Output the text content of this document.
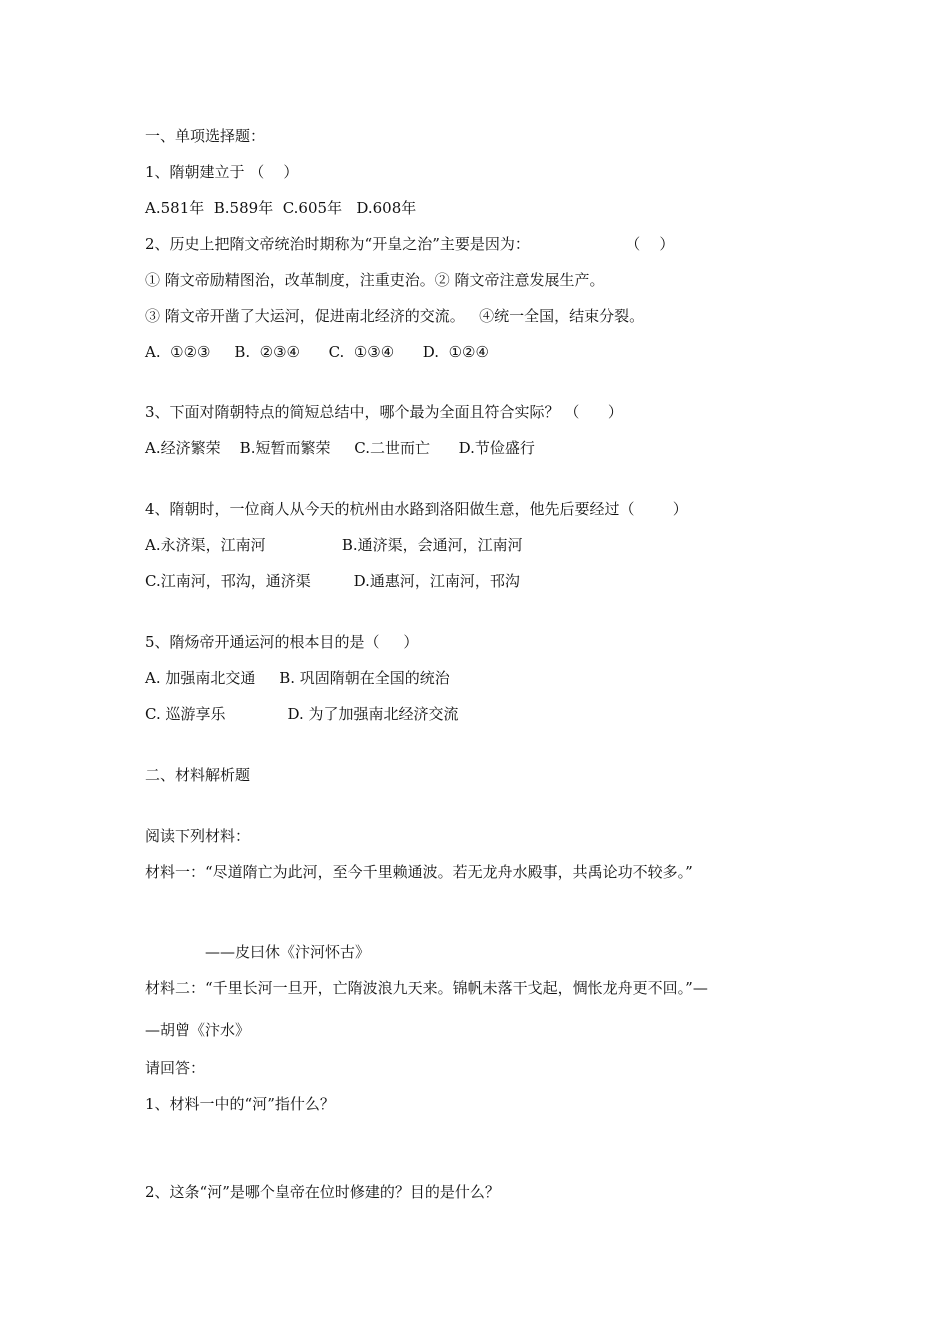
一、单项选择题：
1、隋朝建立于 （    ）
A.581年  B.589年  C.605年   D.608年
2、历史上把隋文帝统治时期称为“开皇之治”主要是因为：                    （    ）
① 隋文帝励精图治，改革制度，注重吏治。② 隋文帝注意发展生产。
③ 隋文帝开凿了大运河，促进南北经济的交流。   ④统一全国，结束分裂。
A.  ①②③     B.  ②③④      C.  ①③④      D.  ①②④
3、下面对隋朝特点的简短总结中，哪个最为全面且符合实际？ （      ）
A.经济繁荣    B.短暂而繁荣     C.二世而亡      D.节俭盛行
4、隋朝时，一位商人从今天的杭州由水路到洛阳做生意，他先后要经过（        ）
A.永济渠，江南河                B.通济渠，会通河，江南河
C.江南河，邗沟，通济渠         D.通惠河，江南河，邗沟
5、隋炀帝开通运河的根本目的是（     ）
A. 加强南北交通     B. 巩固隋朝在全国的统治
C. 巡游享乐             D. 为了加强南北经济交流
二、材料解析题
阅读下列材料：
材料一：“尽道隋亡为此河，至今千里赖通波。若无龙舟水殿事，共禹论功不较多。”
——皮曰休《汴河怀古》
材料二：“千里长河一旦开，亡隋波浪九天来。锦帆未落干戈起，惆怅龙舟更不回。”—
—胡曾《汴水》
请回答：
1、材料一中的“河”指什么？
2、这条“河”是哪个皇帝在位时修建的？目的是什么？
